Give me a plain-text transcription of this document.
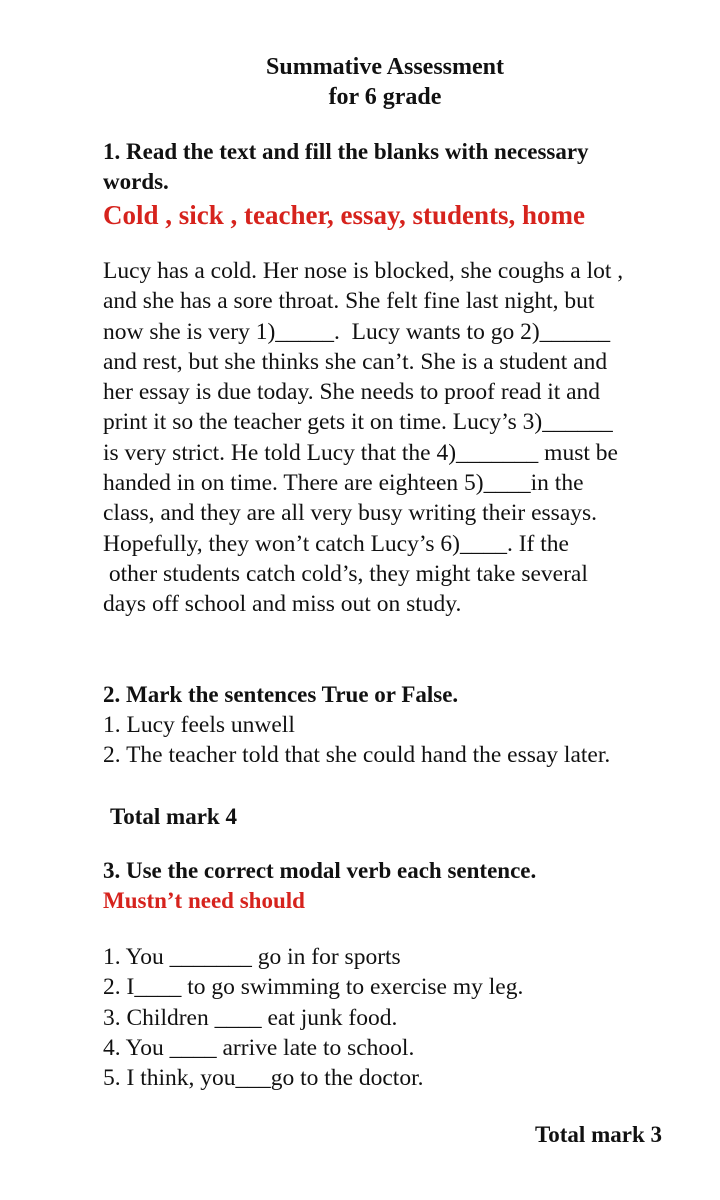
Summative Assessment
for 6 grade
1. Read the text and fill the blanks with necessary
words.
Cold , sick , teacher, essay, students, home
Lucy has a cold. Her nose is blocked, she coughs a lot ,
and she has a sore throat. She felt fine last night, but
now she is very 1)_____.  Lucy wants to go 2)______
and rest, but she thinks she can’t. She is a student and
her essay is due today. She needs to proof read it and
print it so the teacher gets it on time. Lucy’s 3)______
is very strict. He told Lucy that the 4)_______ must be
handed in on time. There are eighteen 5)____in the
class, and they are all very busy writing their essays.
Hopefully, they won’t catch Lucy’s 6)____. If the
other students catch cold’s, they might take several
days off school and miss out on study.
2. Mark the sentences True or False.
1. Lucy feels unwell
2. The teacher told that she could hand the essay later.
Total mark 4
3. Use the correct modal verb each sentence.
Mustn’t need should
1. You _______ go in for sports
2. I____ to go swimming to exercise my leg.
3. Children ____ eat junk food.
4. You ____ arrive late to school.
5. I think, you___go to the doctor.
Total mark 3
